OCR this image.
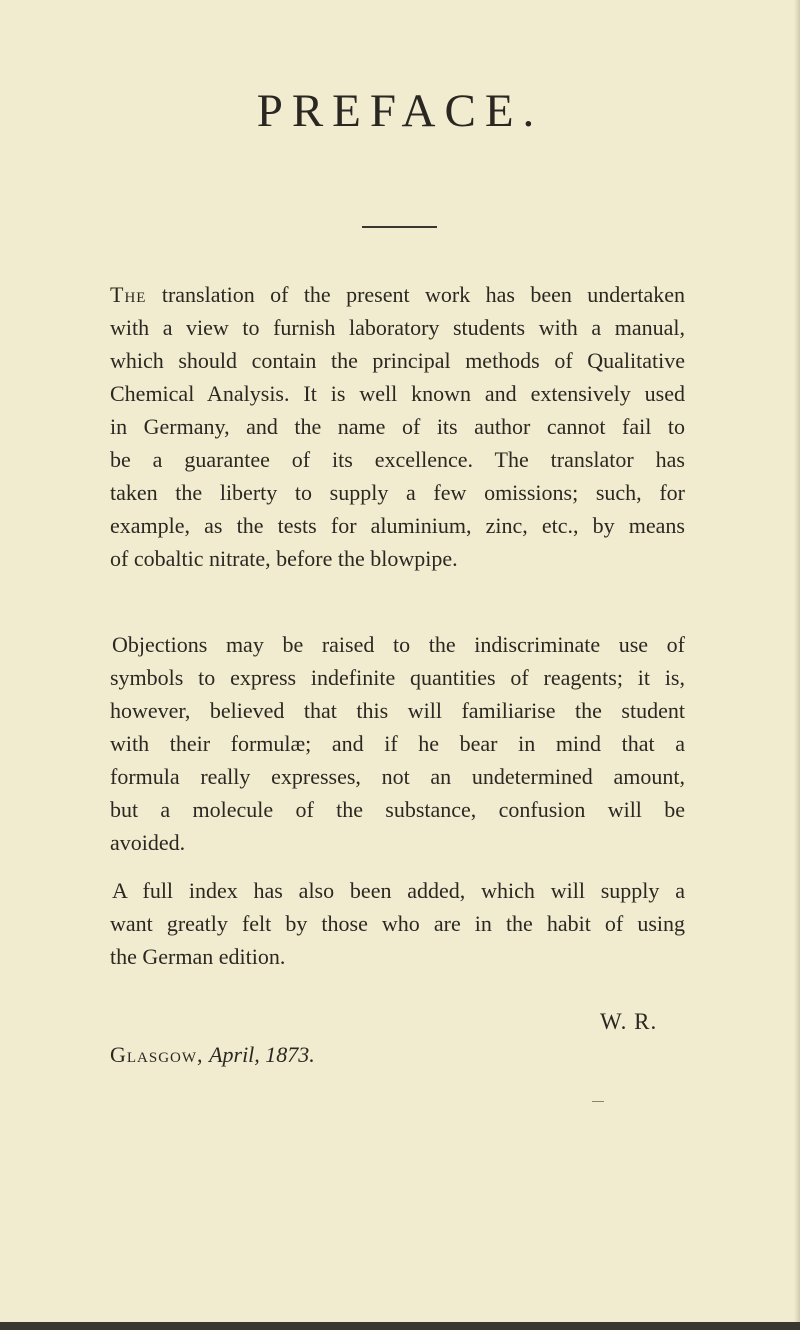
PREFACE.
The translation of the present work has been undertaken
with a view to furnish laboratory students with a manual,
which should contain the principal methods of Qualitative
Chemical Analysis. It is well known and extensively used
in Germany, and the name of its author cannot fail to
be a guarantee of its excellence. The translator has
taken the liberty to supply a few omissions; such, for
example, as the tests for aluminium, zinc, etc., by means
of cobaltic nitrate, before the blowpipe.
Objections may be raised to the indiscriminate use of
symbols to express indefinite quantities of reagents; it is,
however, believed that this will familiarise the student
with their formulæ; and if he bear in mind that a
formula really expresses, not an undetermined amount,
but a molecule of the substance, confusion will be
avoided.
A full index has also been added, which will supply a
want greatly felt by those who are in the habit of using
the German edition.

W. R.

Glasgow, April, 1873.
